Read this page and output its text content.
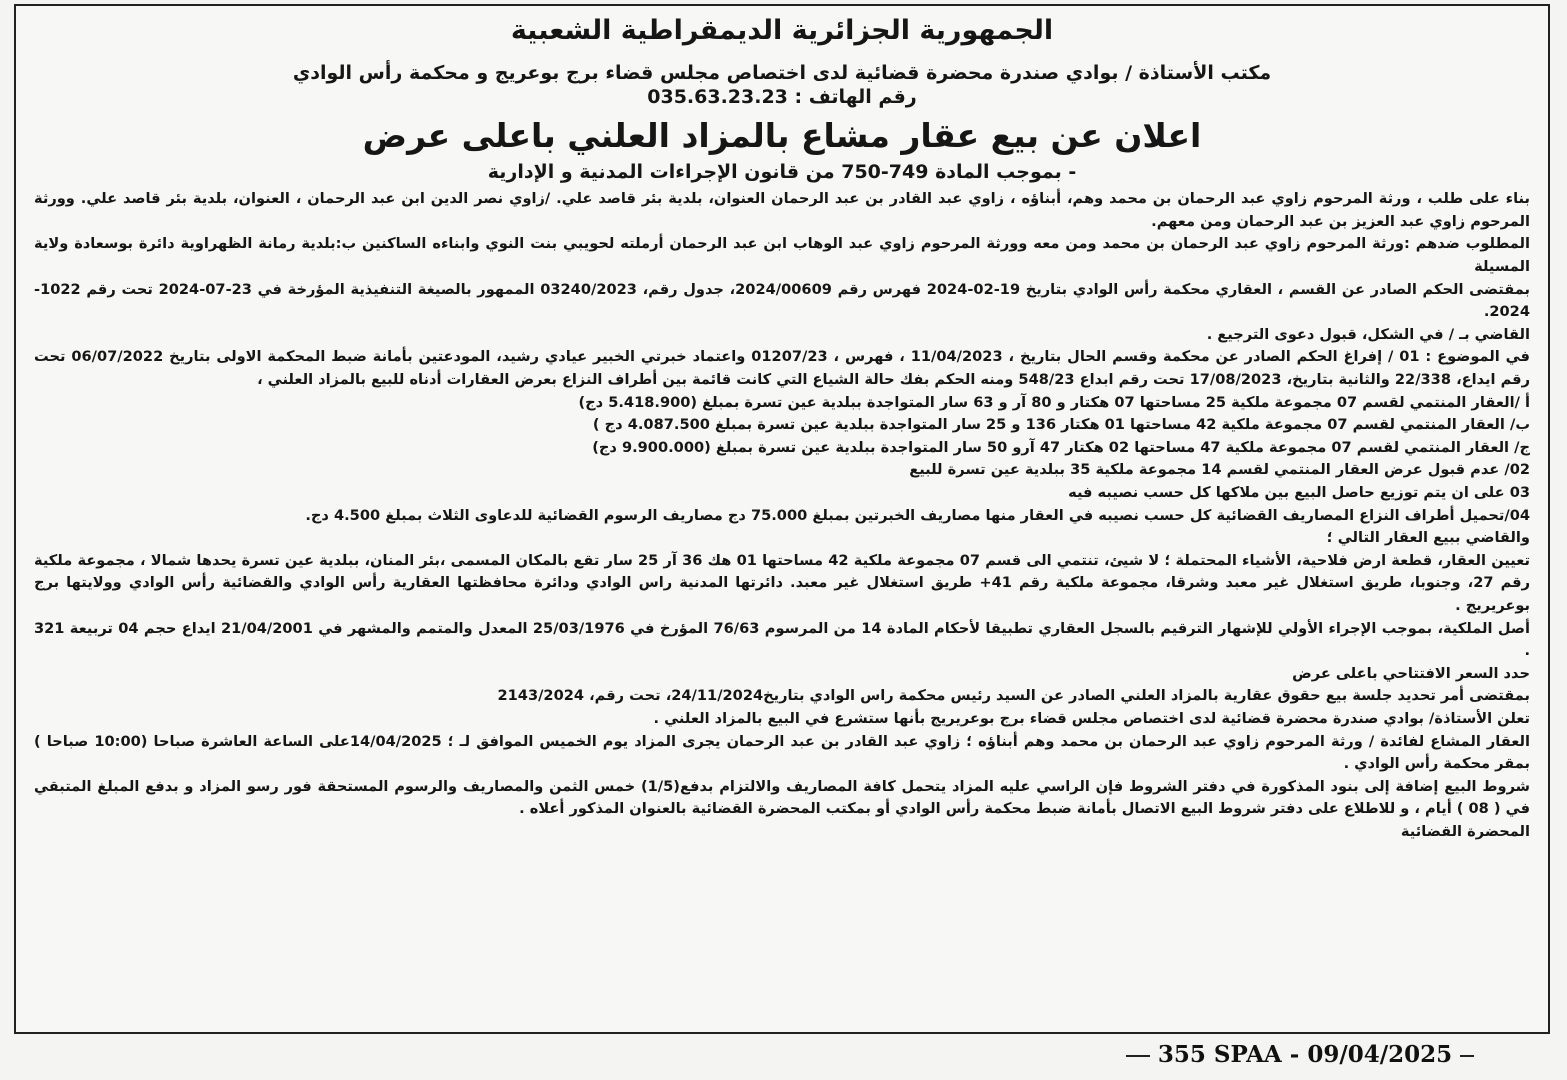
الجمهورية الجزائرية الديمقراطية الشعبية

مكتب الأستاذة / بوادي صندرة محضرة قضائية لدى اختصاص مجلس قضاء برج بوعريج و محكمة رأس الوادي

رقم الهاتف : 035.63.23.23

اعلان عن بيع عقار مشاع بالمزاد العلني باعلى عرض

- بموجب المادة 749-750 من قانون الإجراءات المدنية و الإدارية

بناء على طلب ، ورثة المرحوم زاوي عبد الرحمان بن محمد وهم، أبناؤه ، زاوي عبد القادر بن عبد الرحمان العنوان، بلدية بئر قاصد علي. /زاوي نصر الدين ابن عبد الرحمان ، العنوان، بلدية بئر قاصد علي. وورثة المرحوم زاوي عبد العزيز بن عبد الرحمان ومن معهم.

المطلوب ضدهم :ورثة المرحوم زاوي عبد الرحمان بن محمد ومن معه وورثة المرحوم زاوي عبد الوهاب ابن عبد الرحمان أرملته لحويبي بنت النوي وابناءه الساكنين ب:بلدية رمانة الظهراوية دائرة بوسعادة ولاية المسيلة

بمقتضى الحكم الصادر عن القسم ، العقاري محكمة رأس الوادي بتاريخ 19-02-2024 فهرس رقم 2024/00609، جدول رقم، 03240/2023 الممهور بالصيغة التنفيذية المؤرخة في 23-07-2024 تحت رقم 1022-2024.

القاضي بـ / في الشكل، قبول دعوى الترجيع .

في الموضوع : 01 / إفراغ الحكم الصادر عن محكمة وقسم الحال بتاريخ ، 11/04/2023 ، فهرس ، 01207/23 واعتماد خبرتي الخبير عيادي رشيد، المودعتين بأمانة ضبط المحكمة الاولى بتاريخ 06/07/2022 تحت رقم ايداع، 22/338 والثانية بتاريخ، 17/08/2023 تحت رقم ابداع 548/23 ومنه الحكم بفك حالة الشياع التي كانت قائمة بين أطراف النزاع بعرض العقارات أدناه للبيع بالمزاد العلني ،

أ /العقار المنتمي لقسم 07 مجموعة ملكية 25 مساحتها 07 هكتار و 80 آر و 63 سار المتواجدة ببلدية عين تسرة بمبلغ (5.418.900 دج)

ب/ العقار المنتمي لقسم 07 مجموعة ملكية 42 مساحتها 01 هكتار 136 و 25 سار المتواجدة ببلدية عين تسرة بمبلغ 4.087.500 دج )

ج/ العقار المنتمي لقسم 07 مجموعة ملكية 47 مساحتها 02 هكتار 47 آرو 50 سار المتواجدة ببلدية عين تسرة بمبلغ (9.900.000 دج)

02/ عدم قبول عرض العقار المنتمي لقسم 14 مجموعة ملكية 35 ببلدية عين تسرة للبيع

03 على ان يتم توزيع حاصل البيع بين ملاكها كل حسب نصيبه فيه

04/تحميل أطراف النزاع المصاريف القضائية كل حسب نصيبه في العقار منها مصاريف الخبرتين بمبلغ 75.000 دج مصاريف الرسوم القضائية للدعاوى الثلاث بمبلغ 4.500 دج.

والقاضي ببيع العقار التالي ؛

تعيين العقار، قطعة ارض فلاحية، الأشياء المحتملة ؛ لا شيئ، تنتمي الى قسم 07 مجموعة ملكية 42 مساحتها 01 هك 36 آر 25 سار تقع بالمكان المسمى ،بئر المنان، ببلدية عين تسرة يحدها شمالا ، مجموعة ملكية رقم 27، وجنوبا، طريق استغلال غير معبد وشرقا، مجموعة ملكية رقم 41+ طريق استغلال غير معبد. دائرتها المدنية راس الوادي ودائرة محافظتها العقارية رأس الوادي والقضائية رأس الوادي وولايتها برج بوعريريج .

أصل الملكية، بموجب الإجراء الأولي للإشهار الترقيم بالسجل العقاري تطبيقا لأحكام المادة 14 من المرسوم 76/63 المؤرخ في 25/03/1976 المعدل والمتمم والمشهر في 21/04/2001 ايداع حجم 04 تربيعة 321 .

حدد السعر الافتتاحي باعلى عرض

بمقتضى أمر تحديد جلسة بيع حقوق عقارية بالمزاد العلني الصادر عن السيد رئيس محكمة راس الوادي بتاريخ24/11/2024، تحت رقم، 2143/2024

تعلن الأستاذة/ بوادي صندرة محضرة قضائية لدى اختصاص مجلس قضاء برج بوعريريج بأنها ستشرع في البيع بالمزاد العلني .

العقار المشاع لفائدة / ورثة المرحوم زاوي عبد الرحمان بن محمد وهم أبناؤه ؛ زاوي عبد القادر بن عبد الرحمان يجرى المزاد يوم الخميس الموافق لـ ؛ 14/04/2025على الساعة العاشرة صباحا (10:00 صباحا ) بمقر محكمة رأس الوادي .

شروط البيع إضافة إلى بنود المذكورة في دفتر الشروط فإن الراسي عليه المزاد يتحمل كافة المصاريف والالتزام بدفع(1/5) خمس الثمن والمصاريف والرسوم المستحقة فور رسو المزاد و بدفع المبلغ المتبقي في ( 08 ) أيام ، و للاطلاع على دفتر شروط البيع الاتصال بأمانة ضبط محكمة رأس الوادي أو بمكتب المحضرة القضائية بالعنوان المذكور أعلاه .

المحضرة القضائية

355 SPAA - 09/04/2025
